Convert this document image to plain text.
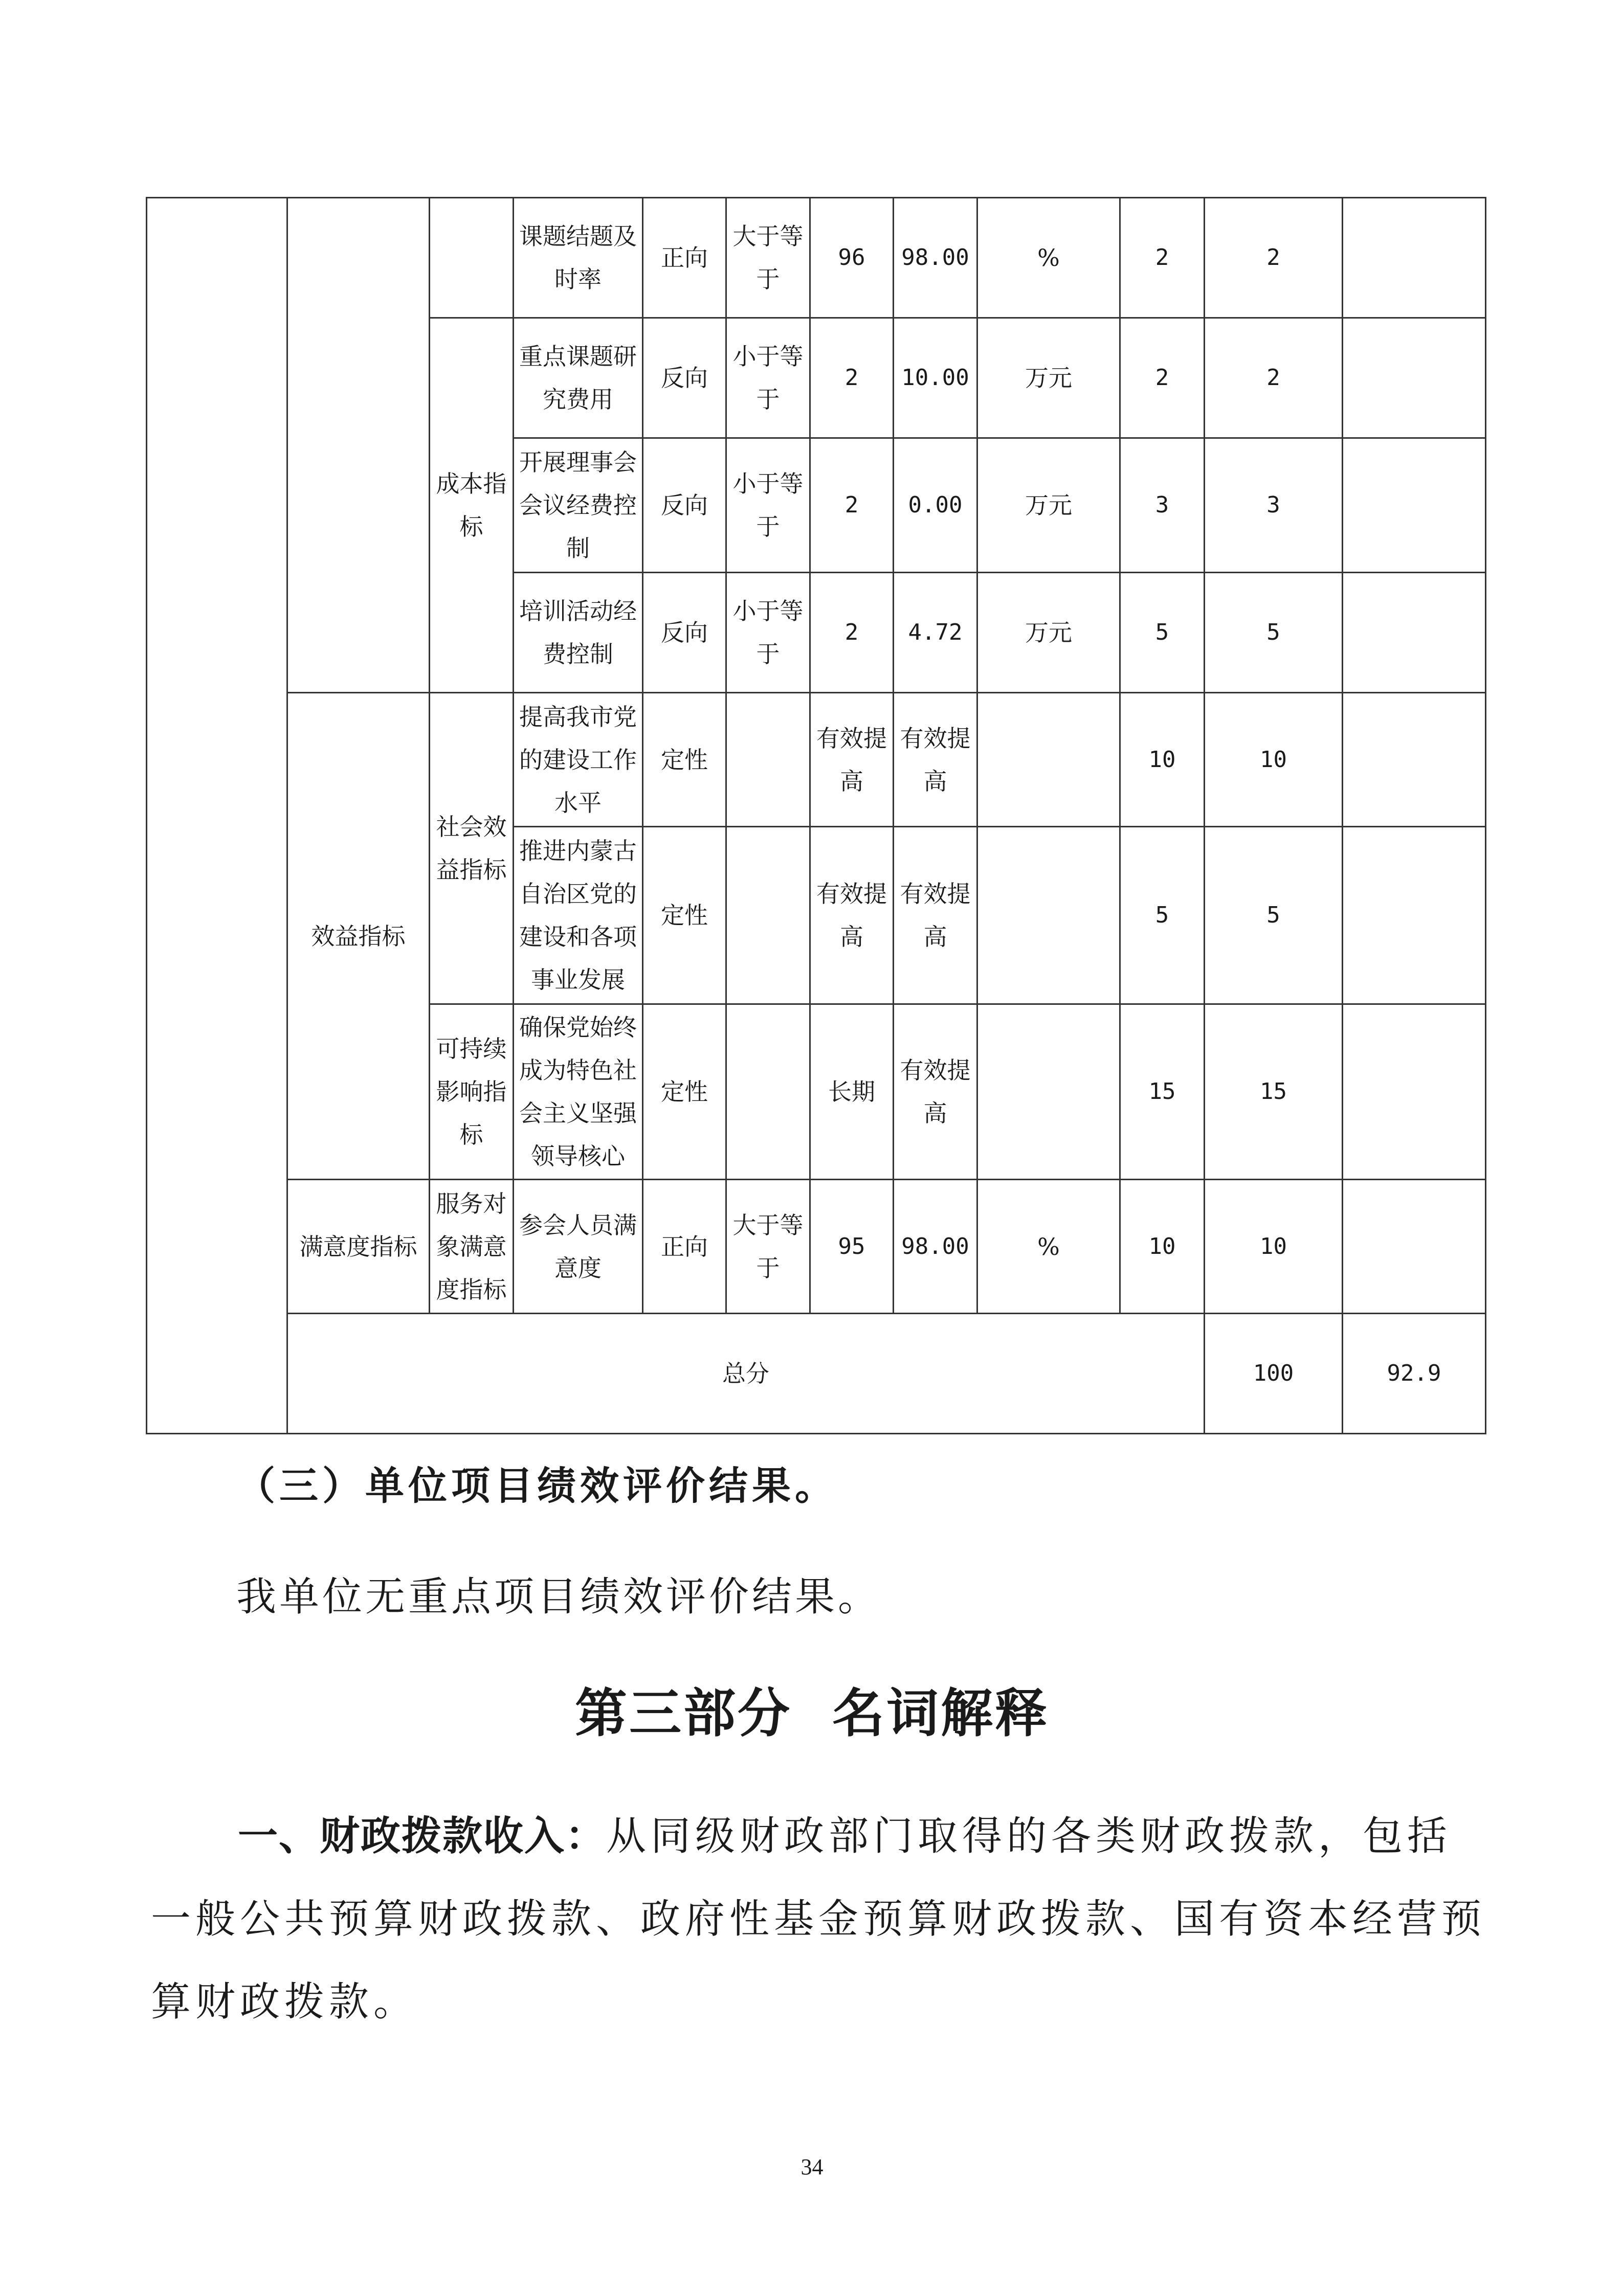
			课题结题及时率	正向	大于等于	96	98.00	%	2	2		
		成本指标	重点课题研究费用	反向	小于等于	2	10.00	万元	2	2		
			开展理事会会议经费控制	反向	小于等于	2	0.00	万元	3	3		
			培训活动经费控制	反向	小于等于	2	4.72	万元	5	5		
	效益指标	社会效益指标	提高我市党的建设工作水平	定性		有效提高	有效提高		10	10		
			推进内蒙古自治区党的建设和各项事业发展	定性		有效提高	有效提高		5	5		
		可持续影响指标	确保党始终成为特色社会主义坚强领导核心	定性		长期	有效提高		15	15		
	满意度指标	服务对象满意度指标	参会人员满意度	正向	大于等于	95	98.00	%	10	10		
	总分									100	92.9	
（三）单位项目绩效评价结果。
我单位无重点项目绩效评价结果。
第三部分  名词解释
一、财政拨款收入：从同级财政部门取得的各类财政拨款，包括一般公共预算财政拨款、政府性基金预算财政拨款、国有资本经营预算财政拨款。
34
